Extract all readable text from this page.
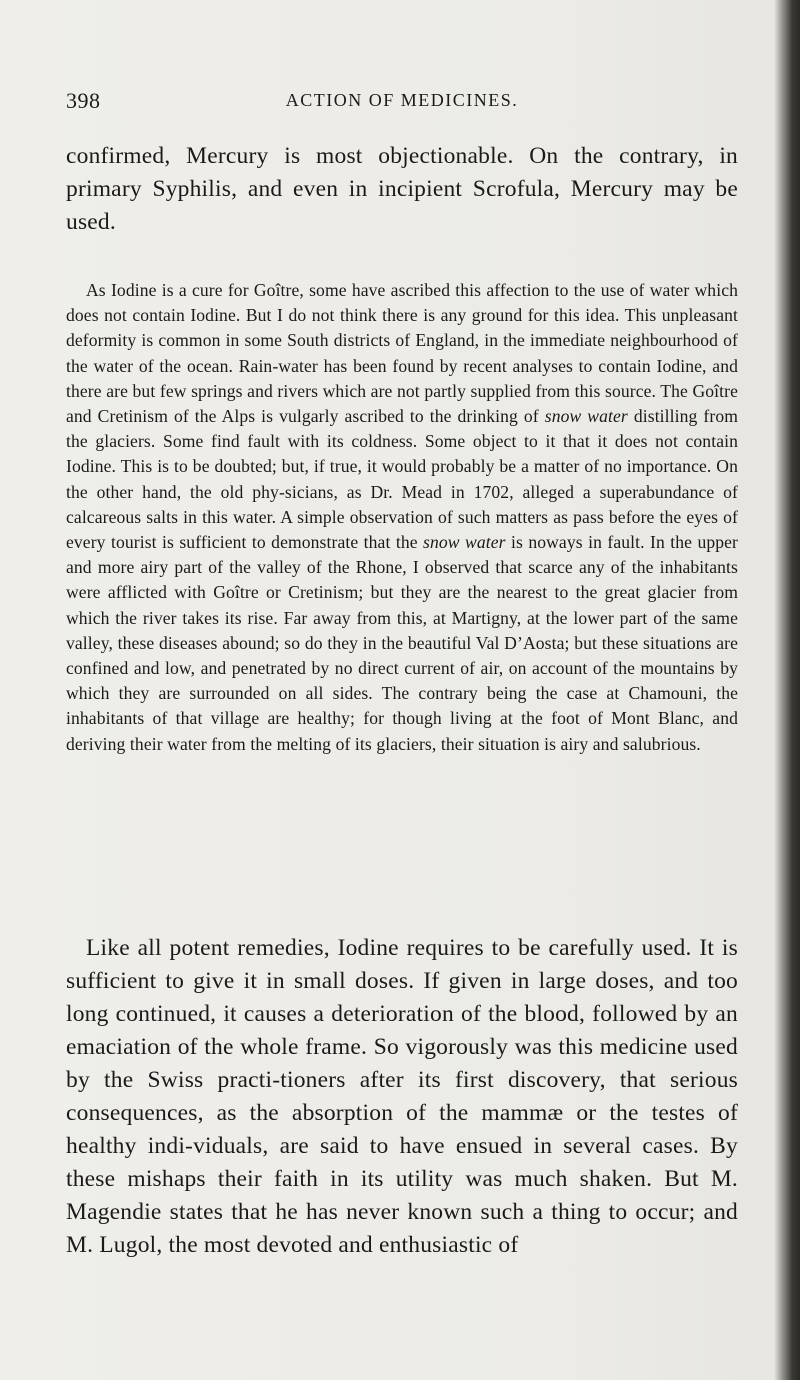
398	ACTION OF MEDICINES.

confirmed, Mercury is most objectionable. On the contrary, in primary Syphilis, and even in incipient Scrofula, Mercury may be used.

As Iodine is a cure for Goître, some have ascribed this affection to the use of water which does not contain Iodine. But I do not think there is any ground for this idea. This unpleasant deformity is common in some South districts of England, in the immediate neighbourhood of the water of the ocean. Rain-water has been found by recent analyses to contain Iodine, and there are but few springs and rivers which are not partly supplied from this source. The Goître and Cretinism of the Alps is vulgarly ascribed to the drinking of snow water distilling from the glaciers. Some find fault with its coldness. Some object to it that it does not contain Iodine. This is to be doubted; but, if true, it would probably be a matter of no importance. On the other hand, the old phy-sicians, as Dr. Mead in 1702, alleged a superabundance of calcareous salts in this water. A simple observation of such matters as pass before the eyes of every tourist is sufficient to demonstrate that the snow water is noways in fault. In the upper and more airy part of the valley of the Rhone, I observed that scarce any of the inhabitants were afflicted with Goître or Cretinism; but they are the nearest to the great glacier from which the river takes its rise. Far away from this, at Martigny, at the lower part of the same valley, these diseases abound; so do they in the beautiful Val D’Aosta; but these situations are confined and low, and penetrated by no direct current of air, on account of the mountains by which they are surrounded on all sides. The contrary being the case at Chamouni, the inhabitants of that village are healthy; for though living at the foot of Mont Blanc, and deriving their water from the melting of its glaciers, their situation is airy and salubrious.

Like all potent remedies, Iodine requires to be carefully used. It is sufficient to give it in small doses. If given in large doses, and too long continued, it causes a deterioration of the blood, followed by an emaciation of the whole frame. So vigorously was this medicine used by the Swiss practi-tioners after its first discovery, that serious consequences, as the absorption of the mammæ or the testes of healthy indi-viduals, are said to have ensued in several cases. By these mishaps their faith in its utility was much shaken. But M. Magendie states that he has never known such a thing to occur; and M. Lugol, the most devoted and enthusiastic of
